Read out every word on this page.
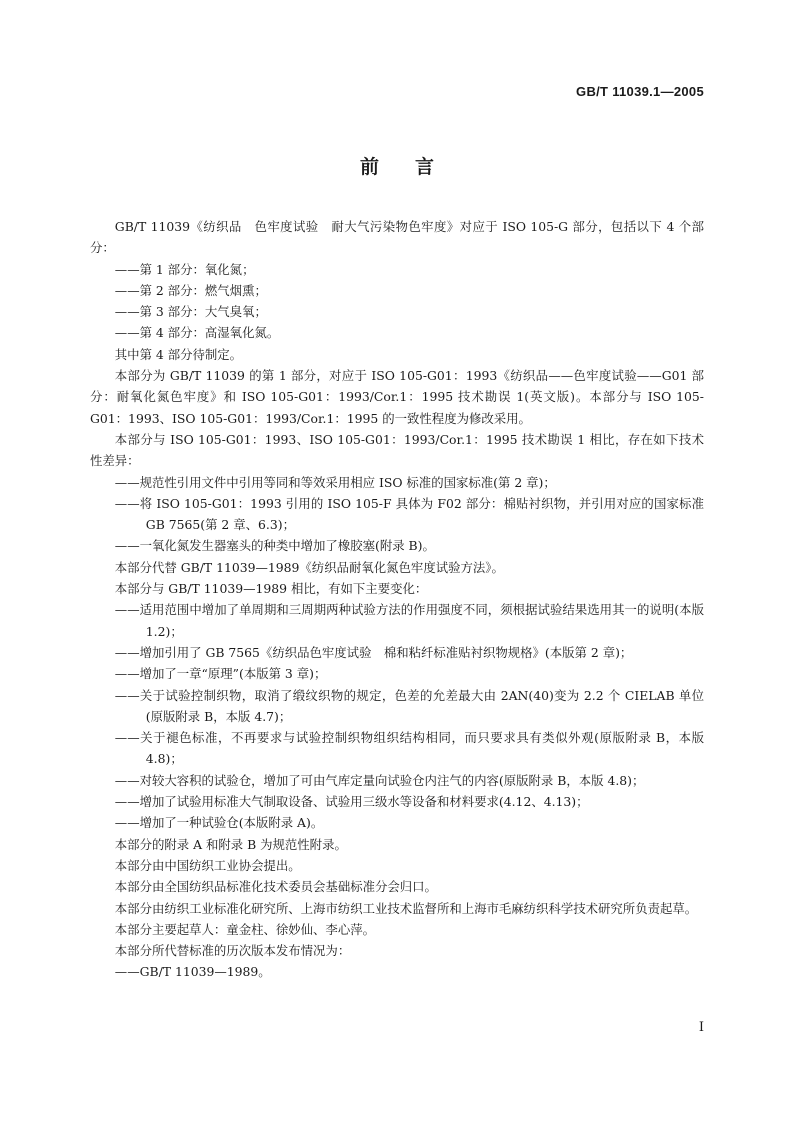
GB/T 11039.1—2005
前言
GB/T 11039《纺织品　色牢度试验　耐大气污染物色牢度》对应于 ISO 105-G 部分，包括以下 4 个部分：
——第 1 部分：氧化氮；
——第 2 部分：燃气烟熏；
——第 3 部分：大气臭氧；
——第 4 部分：高湿氧化氮。
其中第 4 部分待制定。
本部分为 GB/T 11039 的第 1 部分，对应于 ISO 105-G01：1993《纺织品——色牢度试验——G01 部分：耐氧化氮色牢度》和 ISO 105-G01：1993/Cor.1：1995 技术勘误 1(英文版)。本部分与 ISO 105-G01：1993、ISO 105-G01：1993/Cor.1：1995 的一致性程度为修改采用。
本部分与 ISO 105-G01：1993、ISO 105-G01：1993/Cor.1：1995 技术勘误 1 相比，存在如下技术性差异：
——规范性引用文件中引用等同和等效采用相应 ISO 标准的国家标准(第 2 章)；
——将 ISO 105-G01：1993 引用的 ISO 105-F 具体为 F02 部分：棉贴衬织物，并引用对应的国家标准 GB 7565(第 2 章、6.3)；
——一氧化氮发生器塞头的种类中增加了橡胶塞(附录 B)。
本部分代替 GB/T 11039—1989《纺织品耐氧化氮色牢度试验方法》。
本部分与 GB/T 11039—1989 相比，有如下主要变化：
——适用范围中增加了单周期和三周期两种试验方法的作用强度不同，须根据试验结果选用其一的说明(本版 1.2)；
——增加引用了 GB 7565《纺织品色牢度试验　棉和粘纤标准贴衬织物规格》(本版第 2 章)；
——增加了一章“原理”(本版第 3 章)；
——关于试验控制织物，取消了缎纹织物的规定，色差的允差最大由 2AN(40)变为 2.2 个 CIELAB 单位(原版附录 B，本版 4.7)；
——关于褪色标准，不再要求与试验控制织物组织结构相同，而只要求具有类似外观(原版附录 B，本版 4.8)；
——对较大容积的试验仓，增加了可由气库定量向试验仓内注气的内容(原版附录 B，本版 4.8)；
——增加了试验用标准大气制取设备、试验用三级水等设备和材料要求(4.12、4.13)；
——增加了一种试验仓(本版附录 A)。
本部分的附录 A 和附录 B 为规范性附录。
本部分由中国纺织工业协会提出。
本部分由全国纺织品标准化技术委员会基础标准分会归口。
本部分由纺织工业标准化研究所、上海市纺织工业技术监督所和上海市毛麻纺织科学技术研究所负责起草。
本部分主要起草人：童金柱、徐妙仙、李心萍。
本部分所代替标准的历次版本发布情况为：
——GB/T 11039—1989。
I
